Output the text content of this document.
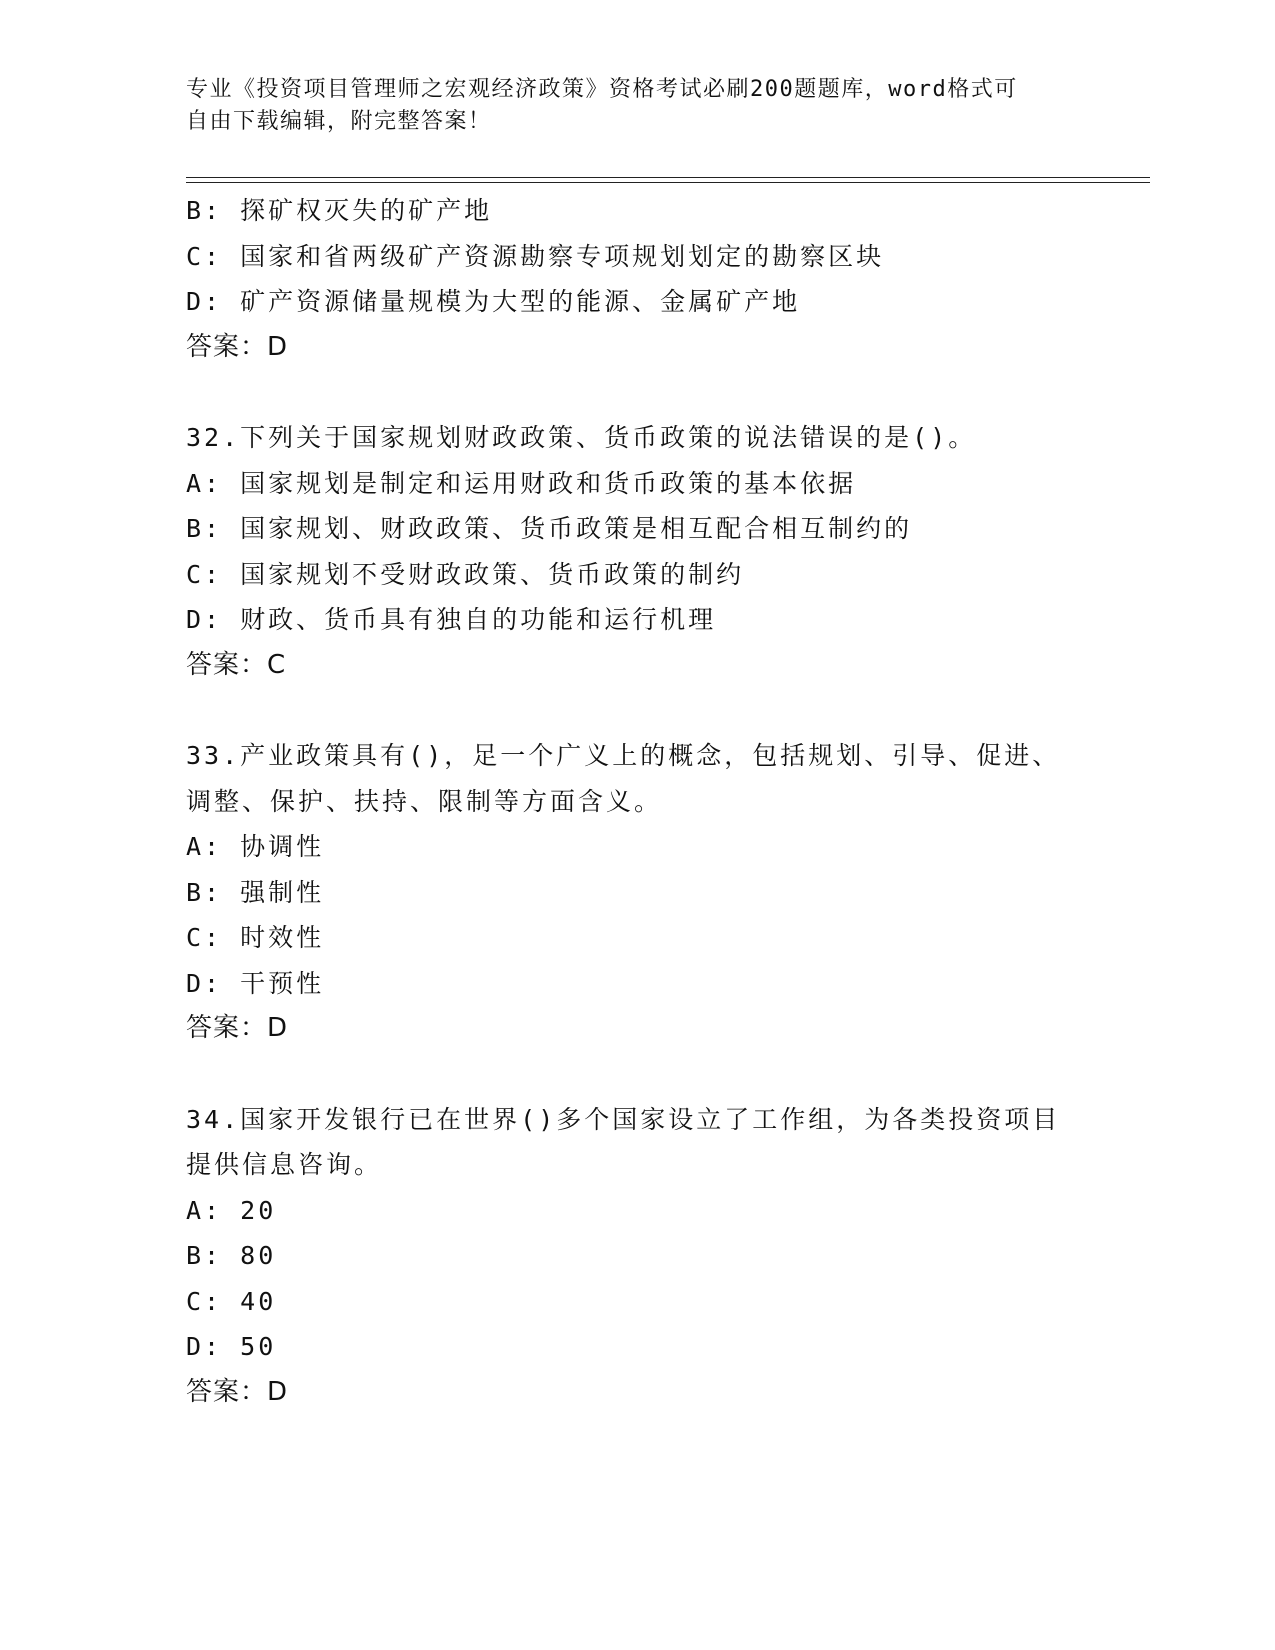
专业《投资项目管理师之宏观经济政策》资格考试必刷200题题库，word格式可
自由下载编辑，附完整答案！
B: 探矿权灭失的矿产地
C: 国家和省两级矿产资源勘察专项规划划定的勘察区块
D: 矿产资源储量规模为大型的能源、金属矿产地
答案：D
32.下列关于国家规划财政政策、货币政策的说法错误的是()。
A: 国家规划是制定和运用财政和货币政策的基本依据
B: 国家规划、财政政策、货币政策是相互配合相互制约的
C: 国家规划不受财政政策、货币政策的制约
D: 财政、货币具有独自的功能和运行机理
答案：C
33.产业政策具有()，足一个广义上的概念，包括规划、引导、促进、
调整、保护、扶持、限制等方面含义。
A: 协调性
B: 强制性
C: 时效性
D: 干预性
答案：D
34.国家开发银行已在世界()多个国家设立了工作组，为各类投资项目
提供信息咨询。
A: 20
B: 80
C: 40
D: 50
答案：D
